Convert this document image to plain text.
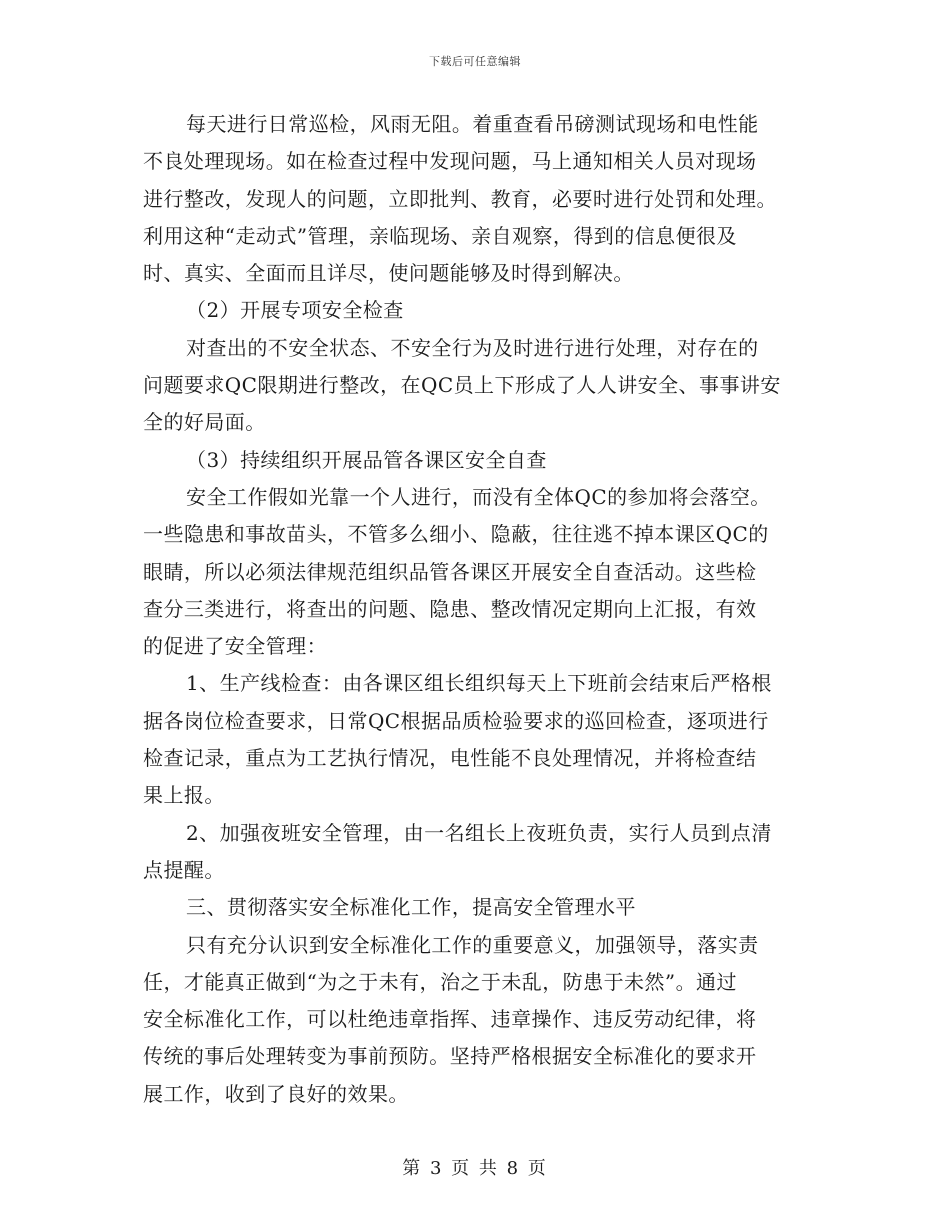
下载后可任意编辑
每天进行日常巡检，风雨无阻。着重查看吊磅测试现场和电性能
不良处理现场。如在检查过程中发现问题，马上通知相关人员对现场
进行整改，发现人的问题，立即批判、教育，必要时进行处罚和处理。
利用这种“走动式”管理，亲临现场、亲自观察，得到的信息便很及
时、真实、全面而且详尽，使问题能够及时得到解决。
（2）开展专项安全检查
对查出的不安全状态、不安全行为及时进行进行处理，对存在的
问题要求QC限期进行整改，在QC员上下形成了人人讲安全、事事讲安
全的好局面。
（3）持续组织开展品管各课区安全自查
安全工作假如光靠一个人进行，而没有全体QC的参加将会落空。
一些隐患和事故苗头，不管多么细小、隐蔽，往往逃不掉本课区QC的
眼睛，所以必须法律规范组织品管各课区开展安全自查活动。这些检
查分三类进行，将查出的问题、隐患、整改情况定期向上汇报，有效
的促进了安全管理：
1、生产线检查：由各课区组长组织每天上下班前会结束后严格根
据各岗位检查要求，日常QC根据品质检验要求的巡回检查，逐项进行
检查记录，重点为工艺执行情况，电性能不良处理情况，并将检查结
果上报。
2、加强夜班安全管理，由一名组长上夜班负责，实行人员到点清
点提醒。
三、贯彻落实安全标准化工作，提高安全管理水平
只有充分认识到安全标准化工作的重要意义，加强领导，落实责
任，才能真正做到“为之于未有，治之于未乱，防患于未然”。通过
安全标准化工作，可以杜绝违章指挥、违章操作、违反劳动纪律，将
传统的事后处理转变为事前预防。坚持严格根据安全标准化的要求开
展工作，收到了良好的效果。
第 3 页 共 8 页
